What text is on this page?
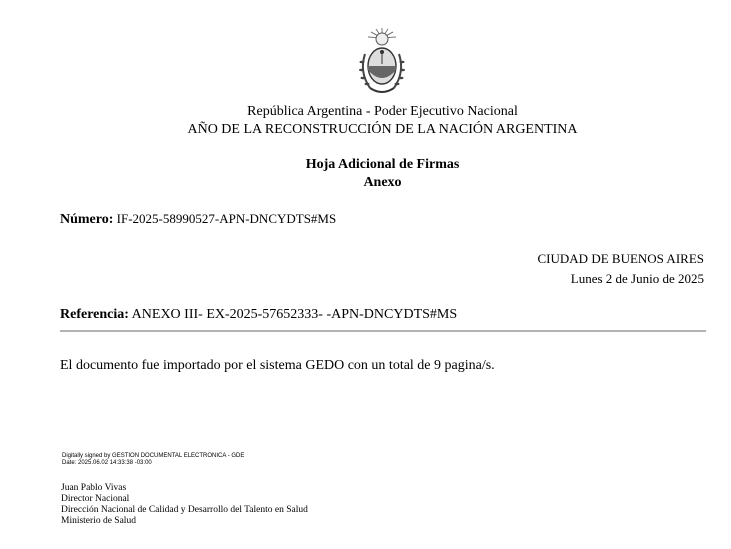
República Argentina - Poder Ejecutivo Nacional
AÑO DE LA RECONSTRUCCIÓN DE LA NACIÓN ARGENTINA
Hoja Adicional de Firmas
Anexo
Número: IF-2025-58990527-APN-DNCYDTS#MS
CIUDAD DE BUENOS AIRES
Lunes 2 de Junio de 2025
Referencia: ANEXO III- EX-2025-57652333- -APN-DNCYDTS#MS
El documento fue importado por el sistema GEDO con un total de 9 pagina/s.
Digitally signed by GESTION DOCUMENTAL ELECTRONICA - GDE
Date: 2025.06.02 14:33:38 -03:00
Juan Pablo Vivas
Director Nacional
Dirección Nacional de Calidad y Desarrollo del Talento en Salud
Ministerio de Salud
